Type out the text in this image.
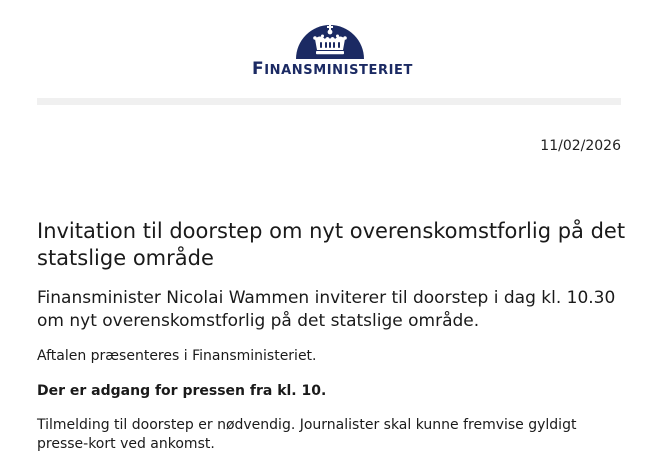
FINANSMINISTERIET
11/02/2026
Invitation til doorstep om nyt overenskomstforlig på det statslige område

Finansminister Nicolai Wammen inviterer til doorstep i dag kl. 10.30 om nyt overenskomstforlig på det statslige område.

Aftalen præsenteres i Finansministeriet.

Der er adgang for pressen fra kl. 10.

Tilmelding til doorstep er nødvendig. Journalister skal kunne fremvise gyldigt presse-kort ved ankomst.
